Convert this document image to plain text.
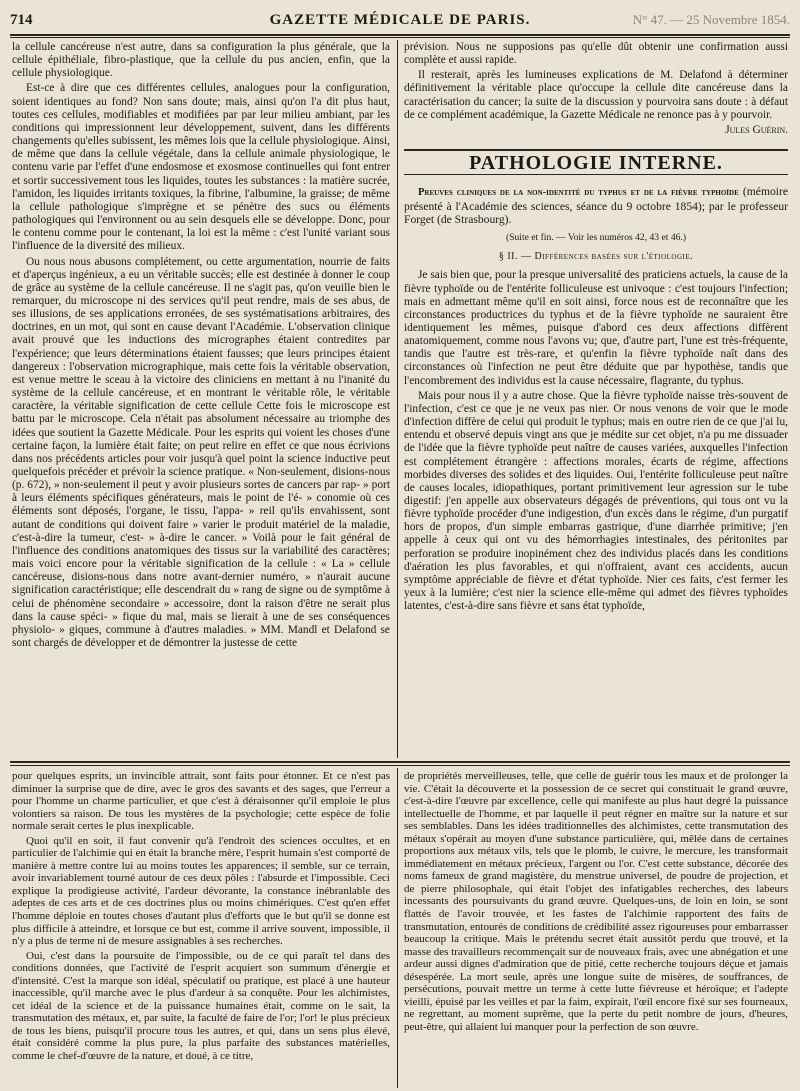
714	GAZETTE MÉDICALE DE PARIS.	N° 47. — 25 Novembre 1854.

la cellule cancéreuse n'est autre, dans sa configuration la plus générale, que la cellule épithéliale, fibro-plastique, que la cellule du pus ancien, enfin, que la cellule physiologique.

Est-ce à dire que ces différentes cellules, analogues pour la configuration, soient identiques au fond? Non sans doute; mais, ainsi qu'on l'a dit plus haut, toutes ces cellules, modifiables et modifiées par par leur milieu ambiant, par les conditions qui impressionnent leur développement, suivent, dans les différents changements qu'elles subissent, les mêmes lois que la cellule physiologique. Ainsi, de même que dans la cellule végétale, dans la cellule animale physiologique, le contenu varie par l'effet d'une endosmose et exosmose continuelles qui font entrer et sortir successivement tous les liquides, toutes les substances : la matière sucrée, l'amidon, les liquides irritants toxiques, la fibrine, l'albumine, la graisse; de même la cellule pathologique s'imprègne et se pénètre des sucs ou éléments pathologiques qui l'environnent ou au sein desquels elle se développe. Donc, pour le contenu comme pour le contenant, la loi est la même : c'est l'unité variant sous l'influence de la diversité des milieux.

Ou nous nous abusons complétement, ou cette argumentation, nourrie de faits et d'aperçus ingénieux, a eu un véritable succès; elle est destinée à donner le coup de grâce au système de la cellule cancéreuse. Il ne s'agit pas, qu'on veuille bien le remarquer, du microscope ni des services qu'il peut rendre, mais de ses abus, de ses illusions, de ses applications erronées, de ses systématisations arbitraires, des doctrines, en un mot, qui sont en cause devant l'Académie. L'observation clinique avait prouvé que les inductions des micrographes étaient contredites par l'expérience; que leurs déterminations étaient fausses; que leurs principes étaient dangereux : l'observation micrographique, mais cette fois la véritable observation, est venue mettre le sceau à la victoire des cliniciens en mettant à nu l'inanité du système de la cellule cancéreuse, et en montrant le véritable rôle, le véritable caractère, la véritable signification de cette cellule Cette fois le microscope est battu par le microscope. Cela n'était pas absolument nécessaire au triomphe des idées que soutient la Gazette Médicale. Pour les esprits qui voient les choses d'une certaine façon, la lumière était faite; on peut relire en effet ce que nous écrivions dans nos précédents articles pour voir jusqu'à quel point la science inductive peut quelquefois précéder et prévoir la science pratique. « Non-seulement, disions-nous (p. 672), » non-seulement il peut y avoir plusieurs sortes de cancers par rap- » port à leurs éléments spécifiques générateurs, mais le point de l'é- » conomie où ces éléments sont déposés, l'organe, le tissu, l'appa- » reil qu'ils envahissent, sont autant de conditions qui doivent faire » varier le produit matériel de la maladie, c'est-à-dire la tumeur, c'est- » à-dire le cancer. » Voilà pour le fait général de l'influence des conditions anatomiques des tissus sur la variabilité des caractères; mais voici encore pour la véritable signification de la cellule : « La » cellule cancéreuse, disions-nous dans notre avant-dernier numéro, » n'aurait aucune signification caractéristique; elle descendrait du » rang de signe ou de symptôme à celui de phénomène secondaire » accessoire, dont la raison d'être ne serait plus dans la cause spéci- » fique du mal, mais se lierait à une de ses conséquences physiolo- » giques, commune à d'autres maladies. » MM. Mandl et Delafond se sont chargés de développer et de démontrer la justesse de cette

prévision. Nous ne supposions pas qu'elle dût obtenir une confirmation aussi complète et aussi rapide.

Il resterait, après les lumineuses explications de M. Delafond à déterminer définitivement la véritable place qu'occupe la cellule dite cancéreuse dans la caractérisation du cancer; la suite de la discussion y pourvoira sans doute : à défaut de ce complément académique, la Gazette Médicale ne renonce pas à y pourvoir.

Jules Guérin.
PATHOLOGIE INTERNE.

Preuves cliniques de la non-identité du typhus et de la fièvre typhoïde (mémoire présenté à l'Académie des sciences, séance du 9 octobre 1854); par le professeur Forget (de Strasbourg).

(Suite et fin. — Voir les numéros 42, 43 et 46.)
§ II. — Différences basées sur l'étiologie.

Je sais bien que, pour la presque universalité des praticiens actuels, la cause de la fièvre typhoïde ou de l'entérite folliculeuse est univoque : c'est toujours l'infection; mais en admettant même qu'il en soit ainsi, force nous est de reconnaître que les circonstances productrices du typhus et de la fièvre typhoïde ne sauraient être identiquement les mêmes, puisque d'abord ces deux affections diffèrent anatomiquement, comme nous l'avons vu; que, d'autre part, l'une est très-fréquente, tandis que l'autre est très-rare, et qu'enfin la fièvre typhoïde naît dans des circonstances où l'infection ne peut être déduite que par hypothèse, tandis que l'encombrement des individus est la cause nécessaire, flagrante, du typhus.

Mais pour nous il y a autre chose. Que la fièvre typhoïde naisse très-souvent de l'infection, c'est ce que je ne veux pas nier. Or nous venons de voir que le mode d'infection diffère de celui qui produit le typhus; mais en outre rien de ce que j'ai lu, entendu et observé depuis vingt ans que je médite sur cet objet, n'a pu me dissuader de l'idée que la fièvre typhoïde peut naître de causes variées, auxquelles l'infection est complétement étrangère : affections morales, écarts de régime, affections morbides diverses des solides et des liquides. Oui, l'entérite folliculeuse peut naître de causes locales, idiopathiques, portant primitivement leur agression sur le tube digestif: j'en appelle aux observateurs dégagés de préventions, qui tous ont vu la fièvre typhoïde procéder d'une indigestion, d'un excès dans le régime, d'un purgatif hors de propos, d'un simple embarras gastrique, d'une diarrhée primitive; j'en appelle à ceux qui ont vu des hémorrhagies intestinales, des péritonites par perforation se produire inopinément chez des individus placés dans les conditions d'aération les plus favorables, et qui n'offraient, avant ces accidents, aucun symptôme appréciable de fièvre et d'état typhoïde. Nier ces faits, c'est fermer les yeux à la lumière; c'est nier la science elle-même qui admet des fièvres typhoïdes latentes, c'est-à-dire sans fièvre et sans état typhoïde,

pour quelques esprits, un invincible attrait, sont faits pour étonner. Et ce n'est pas diminuer la surprise que de dire, avec le gros des savants et des sages, que l'erreur a pour l'homme un charme particulier, et que c'est à déraisonner qu'il emploie le plus volontiers sa raison. De tous les mystères de la psychologie; cette espèce de folie normale serait certes le plus inexplicable.

Quoi qu'il en soit, il faut convenir qu'à l'endroit des sciences occultes, et en particulier de l'alchimie qui en était la branche mère, l'esprit humain s'est comporté de manière à mettre contre lui au moins toutes les apparences; il semble, sur ce terrain, avoir invariablement tourné autour de ces deux pôles : l'absurde et l'impossible. Ceci explique la prodigieuse activité, l'ardeur dévorante, la constance inébranlable des adeptes de ces arts et de ces doctrines plus ou moins chimériques. C'est qu'en effet l'homme déploie en toutes choses d'autant plus d'efforts que le but qu'il se donne est plus difficile à atteindre, et lorsque ce but est, comme il arrive souvent, impossible, il n'y a plus de terme ni de mesure assignables à ses recherches.

Oui, c'est dans la poursuite de l'impossible, ou de ce qui paraît tel dans des conditions données, que l'activité de l'esprit acquiert son summum d'énergie et d'intensité. C'est la marque son idéal, spéculatif ou pratique, est placé à une hauteur inaccessible, qu'il marche avec le plus d'ardeur à sa conquête. Pour les alchimistes, cet idéal de la science et de la puissance humaines était, comme on le sait, la transmutation des métaux, et, par suite, la faculté de faire de l'or; l'or! le plus précieux de tous les biens, puisqu'il procure tous les autres, et qui, dans un sens plus élevé, était considéré comme la plus pure, la plus parfaite des substances matérielles, comme le chef-d'œuvre de la nature, et doué, à ce titre,

de propriétés merveilleuses, telle, que celle de guérir tous les maux et de prolonger la vie. C'était la découverte et la possession de ce secret qui constituait le grand œuvre, c'est-à-dire l'œuvre par excellence, celle qui manifeste au plus haut degré la puissance intellectuelle de l'homme, et par laquelle il peut régner en maître sur la nature et sur ses semblables. Dans les idées traditionnelles des alchimistes, cette transmutation des métaux s'opérait au moyen d'une substance particulière, qui, mêlée dans de certaines proportions aux métaux vils, tels que le plomb, le cuivre, le mercure, les transformait immédiatement en métaux précieux, l'argent ou l'or. C'est cette substance, décorée des noms fameux de grand magistère, du menstrue universel, de poudre de projection, et de pierre philosophale, qui était l'objet des infatigables recherches, des labeurs incessants des poursuivants du grand œuvre. Quelques-uns, de loin en loin, se sont flattés de l'avoir trouvée, et les fastes de l'alchimie rapportent des faits de transmutation, entourés de conditions de crédibilité assez rigoureuses pour embarrasser beaucoup la critique. Mais le prétendu secret était aussitôt perdu que trouvé, et la masse des travailleurs recommençait sur de nouveaux frais, avec une abnégation et une ardeur aussi dignes d'admiration que de pitié, cette recherche toujours déçue et jamais désespérée. La mort seule, après une longue suite de misères, de souffrances, de persécutions, pouvait mettre un terme à cette lutte fiévreuse et héroïque; et l'adepte vieilli, épuisé par les veilles et par la faim, expirait, l'œil encore fixé sur ses fourneaux, ne regrettant, au moment suprême, que la perte du petit nombre de jours, d'heures, peut-être, qui allaient lui manquer pour la perfection de son œuvre.
